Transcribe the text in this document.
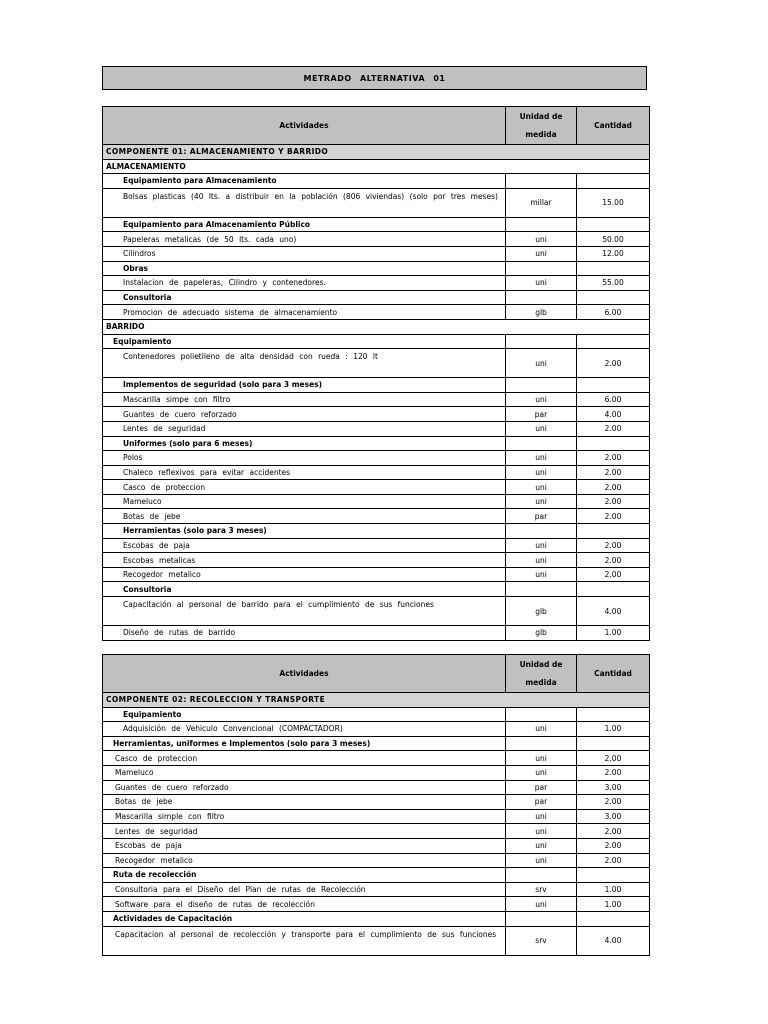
METRADO ALTERNATIVA 01
Actividades	Unidad de medida	Cantidad
COMPONENTE 01: ALMACENAMIENTO Y BARRIDO		
ALMACENAMIENTO		
Equipamiento para Almacenamiento		
Bolsas plasticas (40 lts. a distribuir en la población (806 viviendas) (solo por tres meses)	millar	15.00
Equipamiento para Almacenamiento Público		
Papeleras metalicas (de 50 lts. cada uno)	uni	50.00
Cilindros	uni	12.00
Obras		
Instalacion de papeleras, Cilindro y contenedores.	uni	55.00
Consultoria		
Promocion de adecuado sistema de almacenamiento	glb	6.00
BARRIDO		
Equipamiento		
Contenedores polietileno de alta densidad con rueda : 120 lt	uni	2.00
Implementos de seguridad (solo para 3 meses)		
Mascarilla simpe con filtro	uni	6.00
Guantes de cuero reforzado	par	4.00
Lentes de seguridad	uni	2.00
Uniformes (solo para 6 meses)		
Polos	uni	2.00
Chaleco reflexivos para evitar accidentes	uni	2.00
Casco de proteccion	uni	2.00
Mameluco	uni	2.00
Botas de jebe	par	2.00
Herramientas (solo para 3 meses)		
Escobas de paja	uni	2.00
Escobas metalicas	uni	2.00
Recogedor metalico	uni	2.00
Consultoria		
Capacitación al personal de barrido para el cumplimiento de sus funciones	glb	4.00
Diseño de rutas de barrido	glb	1.00
Actividades	Unidad de medida	Cantidad
COMPONENTE 02: RECOLECCION Y TRANSPORTE		
Equipamiento		
Adquisición de Vehiculo Convencional (COMPACTADOR)	uni	1.00
Herramientas, uniformes e Implementos (solo para 3 meses)		
Casco de proteccion	uni	2.00
Mameluco	uni	2.00
Guantes de cuero reforzado	par	3.00
Botas de jebe	par	2.00
Mascarilla simple con filtro	uni	3.00
Lentes de seguridad	uni	2.00
Escobas de paja	uni	2.00
Recogedor metalico	uni	2.00
Ruta de recolección		
Consultoria para el Diseño del Plan de rutas de Recolección	srv	1.00
Software para el diseño de rutas de recolección	uni	1.00
Actividades de Capacitación		
Capacitacion al personal de recolección y transporte para el cumplimiento de sus funciones	srv	4.00
